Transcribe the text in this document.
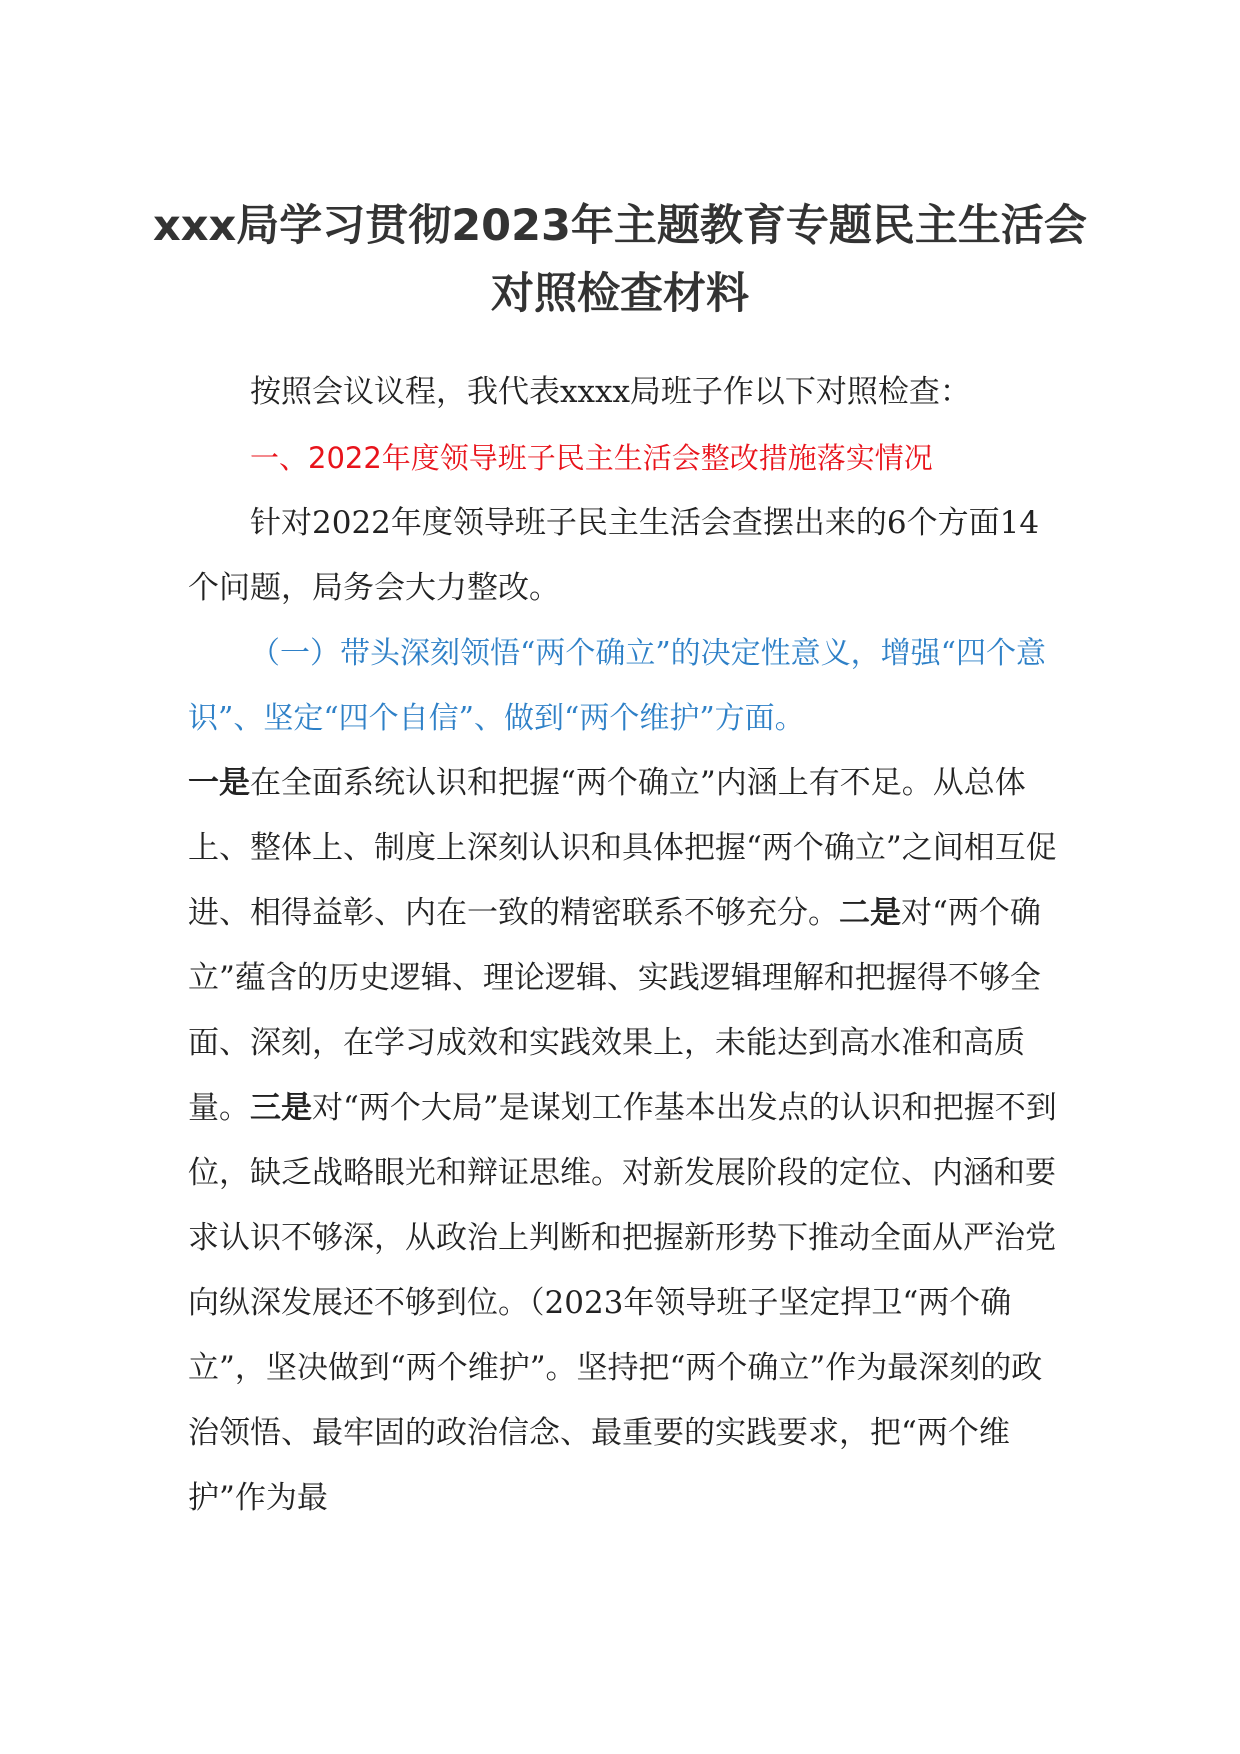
xxx局学习贯彻2023年主题教育专题民主生活会对照检查材料

按照会议议程，我代表xxxx局班子作以下对照检查：

一、2022年度领导班子民主生活会整改措施落实情况

针对2022年度领导班子民主生活会查摆出来的6个方面14个问题，局务会大力整改。

（一）带头深刻领悟“两个确立”的决定性意义，增强“四个意识”、坚定“四个自信”、做到“两个维护”方面。

一是在全面系统认识和把握“两个确立”内涵上有不足。从总体上、整体上、制度上深刻认识和具体把握“两个确立”之间相互促进、相得益彰、内在一致的精密联系不够充分。二是对“两个确立”蕴含的历史逻辑、理论逻辑、实践逻辑理解和把握得不够全面、深刻，在学习成效和实践效果上，未能达到高水准和高质量。三是对“两个大局”是谋划工作基本出发点的认识和把握不到位，缺乏战略眼光和辩证思维。对新发展阶段的定位、内涵和要求认识不够深，从政治上判断和把握新形势下推动全面从严治党向纵深发展还不够到位。（2023年领导班子坚定捍卫“两个确立”，坚决做到“两个维护”。坚持把“两个确立”作为最深刻的政治领悟、最牢固的政治信念、最重要的实践要求，把“两个维护”作为最
